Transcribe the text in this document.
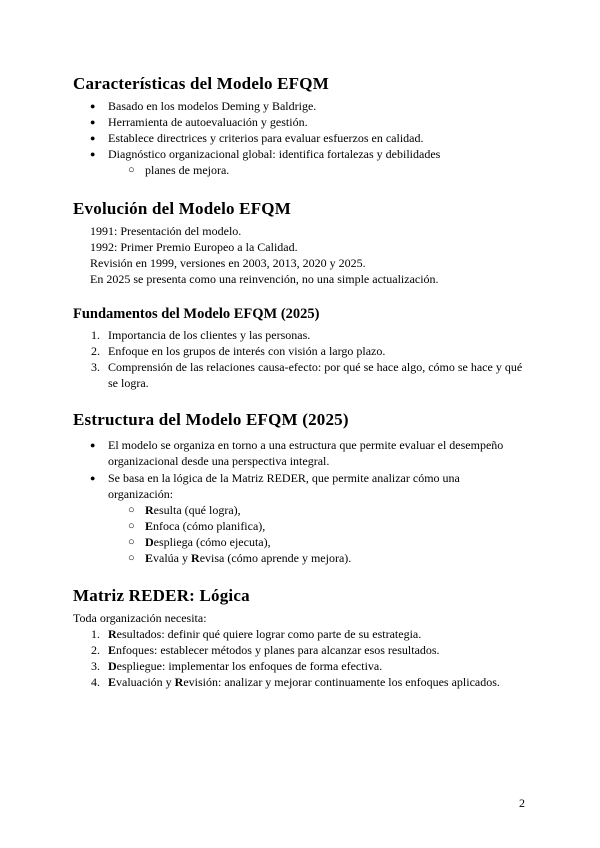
Características del Modelo EFQM
● Basado en los modelos Deming y Baldrige.
● Herramienta de autoevaluación y gestión.
● Establece directrices y criterios para evaluar esfuerzos en calidad.
● Diagnóstico organizacional global: identifica fortalezas y debilidades
○ planes de mejora.
Evolución del Modelo EFQM
1991: Presentación del modelo.
1992: Primer Premio Europeo a la Calidad.
Revisión en 1999, versiones en 2003, 2013, 2020 y 2025.
En 2025 se presenta como una reinvención, no una simple actualización.
Fundamentos del Modelo EFQM (2025)
1. Importancia de los clientes y las personas.
2. Enfoque en los grupos de interés con visión a largo plazo.
3. Comprensión de las relaciones causa-efecto: por qué se hace algo, cómo se hace y qué se logra.
Estructura del Modelo EFQM (2025)
● El modelo se organiza en torno a una estructura que permite evaluar el desempeño organizacional desde una perspectiva integral.
● Se basa en la lógica de la Matriz REDER, que permite analizar cómo una organización:
○ Resulta (qué logra),
○ Enfoca (cómo planifica),
○ Despliega (cómo ejecuta),
○ Evalúa y Revisa (cómo aprende y mejora).
Matriz REDER: Lógica
Toda organización necesita:
1. Resultados: definir qué quiere lograr como parte de su estrategia.
2. Enfoques: establecer métodos y planes para alcanzar esos resultados.
3. Despliegue: implementar los enfoques de forma efectiva.
4. Evaluación y Revisión: analizar y mejorar continuamente los enfoques aplicados.
2
